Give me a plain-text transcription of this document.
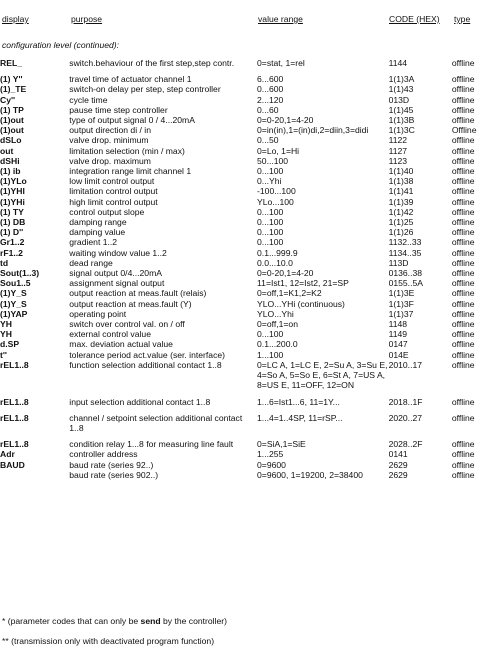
display	purpose	value range	CODE (HEX) type
configuration level (continued):
REL_	switch.behaviour of the first step,step contr.	0=stat, 1=rel	1144	offline

(1) Y''	travel time of actuator channel 1	6...600	1(1)3A	offline
(1)_TE	switch-on delay per step, step controller	0...600	1(1)43	offline
Cy''	cycle time	2...120	013D	offline
(1) TP	pause time step controller	0...60	1(1)45	offline
(1)out	type of output signal 0 / 4...20mA	0=0-20,1=4-20	1(1)3B	offline
(1)out	output direction di / in	0=in(in),1=(in)di,2=diin,3=didi	1(1)3C	Offline
dSLo	valve drop. minimum	0...50	1122	offline
out	limitation selection (min / max)	0=Lo, 1=Hi	1127	offline
dSHi	valve drop. maximum	50...100	1123	offline
(1) ib	integration range limit channel 1	0...100	1(1)40	offline
(1)YLo	low limit control output	0...Yhi	1(1)38	offline
(1)YHI	limitation control output	-100...100	1(1)41	offline
(1)YHi	high limit control output	YLo...100	1(1)39	offline
(1) TY	control output slope	0...100	1(1)42	offline
(1) DB	damping range	0...100	1(1)25	offline
(1) D''	damping value	0...100	1(1)26	offline
Gr1..2	gradient 1..2	0...100	1132..33	offline
rF1..2	waiting window value 1..2	0.1...999.9	1134..35	offline
td	dead range	0.0...10.0	113D	offline
Sout(1..3)	signal output 0/4...20mA	0=0-20,1=4-20	0136..38	offline
Sou1..5	assignment signal output	11=Ist1, 12=Ist2, 21=SP	0155..5A	offline
(1)Y_S	output reaction at meas.fault (relais)	0=off,1=K1,2=K2	1(1)3E	offline
(1)Y_S	output reaction at meas.fault (Y)	YLO...YHi (continuous)	1(1)3F	offline
(1)YAP	operating point	YLO...Yhi	1(1)37	offline
YH	switch over control val. on / off	0=off,1=on	1148	offline
YH	external control value	0...100	1149	offline
d.SP	max. deviation actual value	0.1...200.0	0147	offline
t''	tolerance period act.value (ser. interface)	1...100	014E	offline
rEL1..8	function selection additional contact 1..8	0=LC A, 1=LC E, 2=Su A, 3=Su E, 4=So A, 5=So E, 6=St A, 7=US A, 8=US E, 11=OFF, 12=ON	2010..17	offline

rEL1..8	input selection additional contact 1..8	1...6=Ist1...6, 11=1Y...	2018..1F	offline

rEL1..8	channel / setpoint selection additional contact 1..8	1...4=1..4SP, 11=rSP...	2020..27	offline

rEL1..8	condition relay 1...8 for measuring line fault	0=SiA,1=SiE	2028..2F	offline
Adr	controller address	1...255	0141	offline
BAUD	baud rate (series 92..)	0=9600	2629	offline
	baud rate (series 902..)	0=9600, 1=19200, 2=38400	2629	offline
* (parameter codes that can only be send by the controller)
** (transmission only with deactivated program function)
